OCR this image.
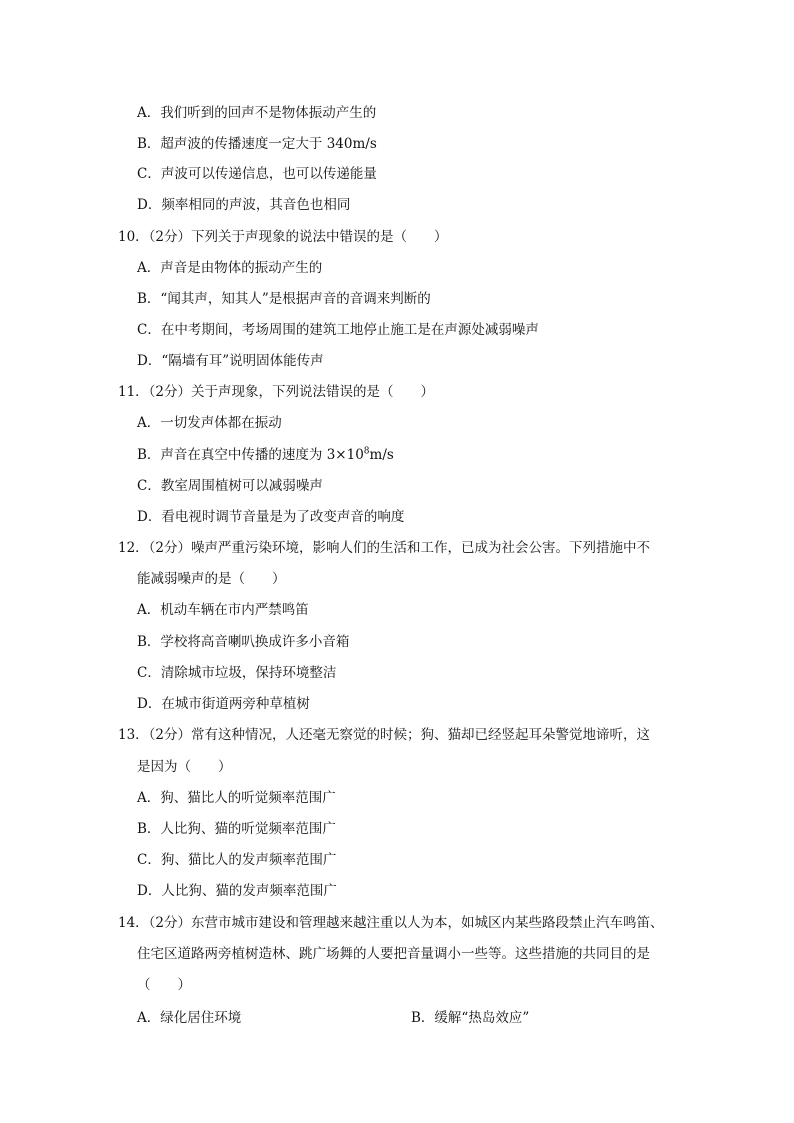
A．我们听到的回声不是物体振动产生的
B．超声波的传播速度一定大于 340m/s
C．声波可以传递信息，也可以传递能量
D．频率相同的声波，其音色也相同
10．（2分）下列关于声现象的说法中错误的是（　　）
A．声音是由物体的振动产生的
B．“闻其声，知其人”是根据声音的音调来判断的
C．在中考期间，考场周围的建筑工地停止施工是在声源处减弱噪声
D．“隔墙有耳”说明固体能传声
11．（2分）关于声现象，下列说法错误的是（　　）
A．一切发声体都在振动
B．声音在真空中传播的速度为 $3\times 10^8m/s$
C．教室周围植树可以减弱噪声
D．看电视时调节音量是为了改变声音的响度
12．（2分）噪声严重污染环境，影响人们的生活和工作，已成为社会公害。下列措施中不
能减弱噪声的是（　　）
A．机动车辆在市内严禁鸣笛
B．学校将高音喇叭换成许多小音箱
C．清除城市垃圾，保持环境整洁
D．在城市街道两旁种草植树
13．（2分）常有这种情况，人还毫无察觉的时候；狗、猫却已经竖起耳朵警觉地谛听，这
是因为（　　）
A．狗、猫比人的听觉频率范围广
B．人比狗、猫的听觉频率范围广
C．狗、猫比人的发声频率范围广
D．人比狗、猫的发声频率范围广
14．（2分）东营市城市建设和管理越来越注重以人为本，如城区内某些路段禁止汽车鸣笛、
住宅区道路两旁植树造林、跳广场舞的人要把音量调小一些等。这些措施的共同目的是
（　　）
A．绿化居住环境	B．缓解“热岛效应”
